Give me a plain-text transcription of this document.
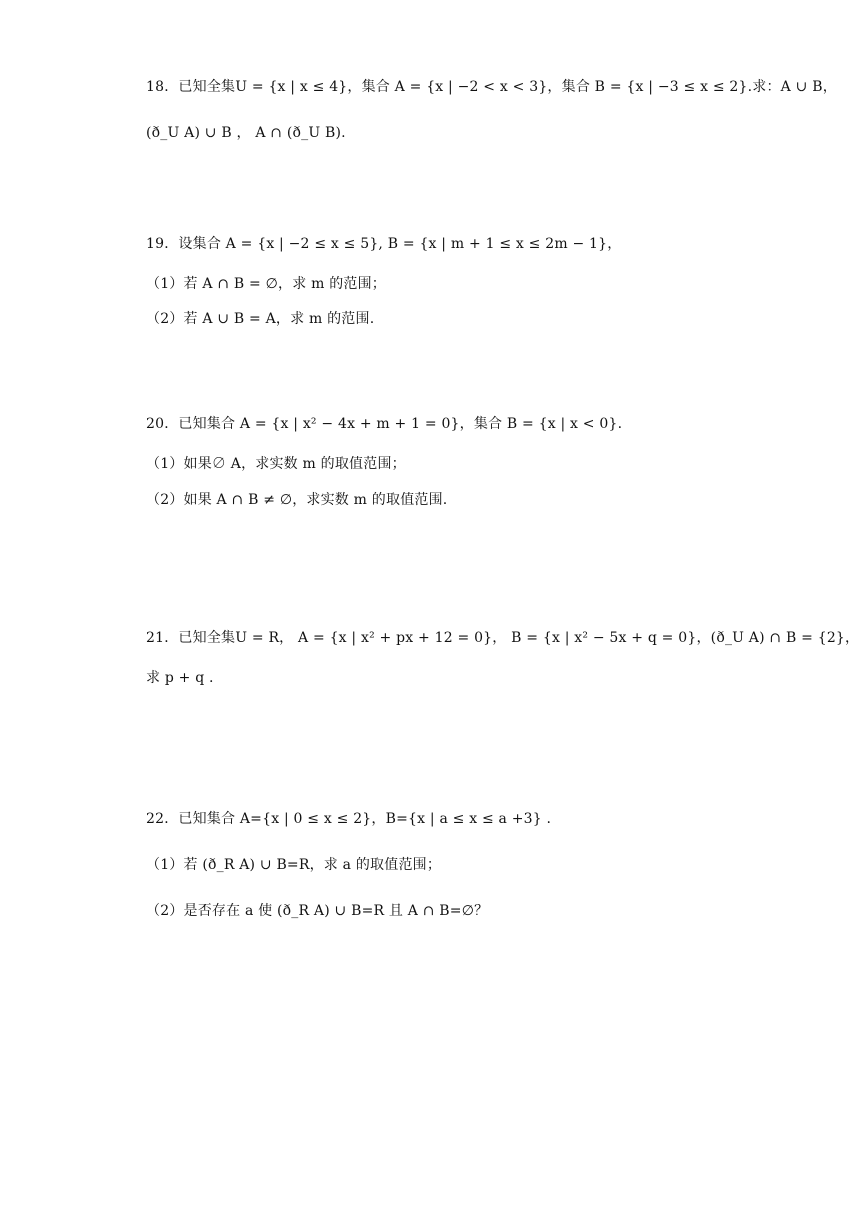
18．已知全集U = {x | x ≤ 4}，集合 A = {x | −2 < x < 3}，集合 B = {x | −3 ≤ x ≤ 2}.求：A ∪ B，
(ð_U A) ∪ B ， A ∩ (ð_U B).
19．设集合 A = {x | −2 ≤ x ≤ 5}, B = {x | m + 1 ≤ x ≤ 2m − 1}，
（1）若 A ∩ B = ∅，求 m 的范围；
（2）若 A ∪ B = A，求 m 的范围.
20．已知集合 A = {x | x² − 4x + m + 1 = 0}，集合 B = {x | x < 0}.
（1）如果∅ A，求实数 m 的取值范围；
（2）如果 A ∩ B ≠ ∅，求实数 m 的取值范围.
21．已知全集U = R， A = {x | x² + px + 12 = 0}， B = {x | x² − 5x + q = 0}，(ð_U A) ∩ B = {2}，
求 p + q .
22．已知集合 A={x | 0 ≤ x ≤ 2}，B={x | a ≤ x ≤ a +3} .
（1）若 (ð_R A) ∪ B=R，求 a 的取值范围；
（2）是否存在 a 使 (ð_R A) ∪ B=R 且 A ∩ B=∅？
